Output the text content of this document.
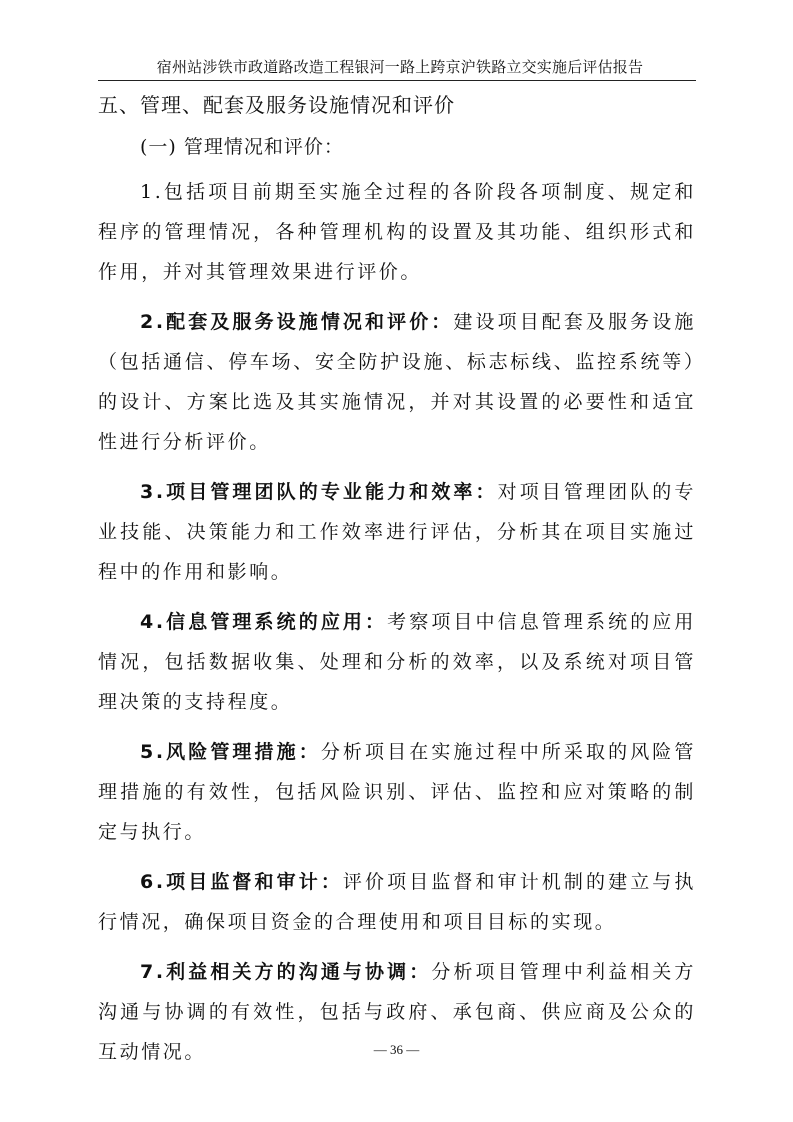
宿州站涉铁市政道路改造工程银河一路上跨京沪铁路立交实施后评估报告
五、管理、配套及服务设施情况和评价

(一) 管理情况和评价：

1.包括项目前期至实施全过程的各阶段各项制度、规定和程序的管理情况，各种管理机构的设置及其功能、组织形式和作用，并对其管理效果进行评价。

2.配套及服务设施情况和评价：建设项目配套及服务设施（包括通信、停车场、安全防护设施、标志标线、监控系统等）的设计、方案比选及其实施情况，并对其设置的必要性和适宜性进行分析评价。

3.项目管理团队的专业能力和效率：对项目管理团队的专业技能、决策能力和工作效率进行评估，分析其在项目实施过程中的作用和影响。

4.信息管理系统的应用：考察项目中信息管理系统的应用情况，包括数据收集、处理和分析的效率，以及系统对项目管理决策的支持程度。

5.风险管理措施：分析项目在实施过程中所采取的风险管理措施的有效性，包括风险识别、评估、监控和应对策略的制定与执行。

6.项目监督和审计：评价项目监督和审计机制的建立与执行情况，确保项目资金的合理使用和项目目标的实现。

7.利益相关方的沟通与协调：分析项目管理中利益相关方沟通与协调的有效性，包括与政府、承包商、供应商及公众的互动情况。	— 36 —
